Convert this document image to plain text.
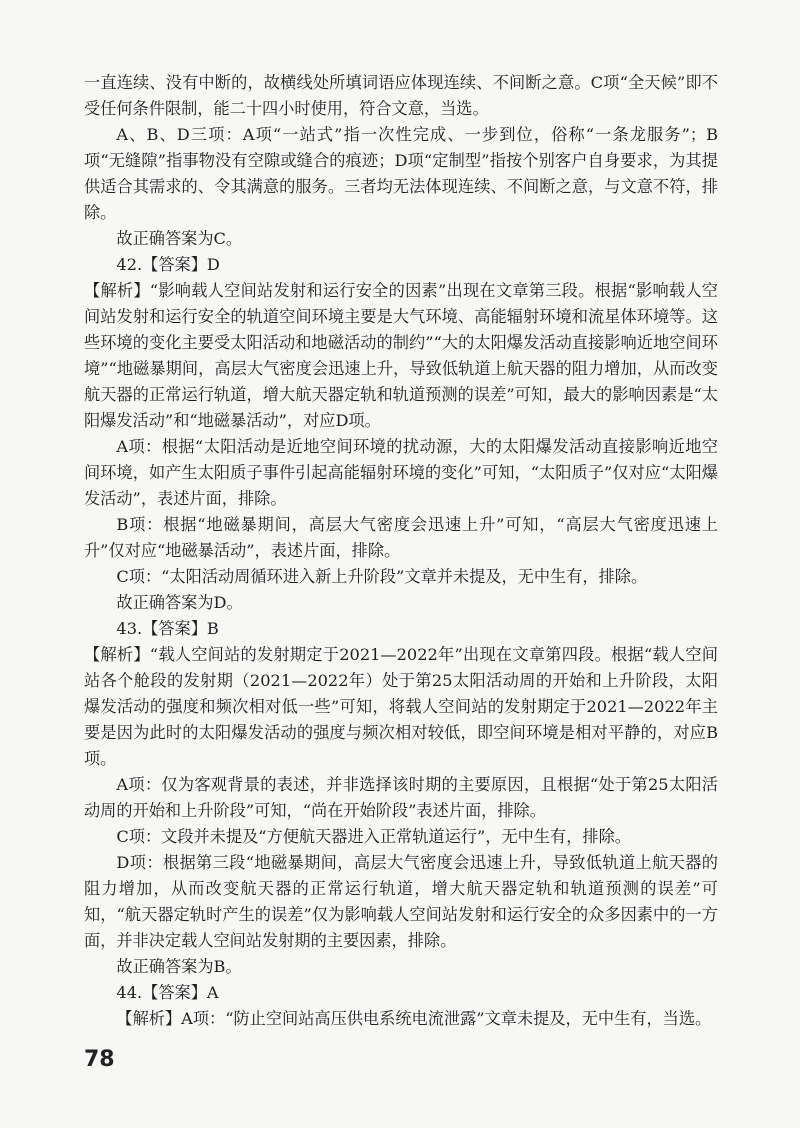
一直连续、没有中断的，故横线处所填词语应体现连续、不间断之意。C项“全天候”即不受任何条件限制，能二十四小时使用，符合文意，当选。

A、B、D三项：A项“一站式”指一次性完成、一步到位，俗称“一条龙服务”；B项“无缝隙”指事物没有空隙或缝合的痕迹；D项“定制型”指按个别客户自身要求，为其提供适合其需求的、令其满意的服务。三者均无法体现连续、不间断之意，与文意不符，排除。

故正确答案为C。

42.【答案】D

【解析】“影响载人空间站发射和运行安全的因素”出现在文章第三段。根据“影响载人空间站发射和运行安全的轨道空间环境主要是大气环境、高能辐射环境和流星体环境等。这些环境的变化主要受太阳活动和地磁活动的制约”“大的太阳爆发活动直接影响近地空间环境”“地磁暴期间，高层大气密度会迅速上升，导致低轨道上航天器的阻力增加，从而改变航天器的正常运行轨道，增大航天器定轨和轨道预测的误差”可知，最大的影响因素是“太阳爆发活动”和“地磁暴活动”，对应D项。

A项：根据“太阳活动是近地空间环境的扰动源，大的太阳爆发活动直接影响近地空间环境，如产生太阳质子事件引起高能辐射环境的变化”可知，“太阳质子”仅对应“太阳爆发活动”，表述片面，排除。

B项：根据“地磁暴期间，高层大气密度会迅速上升”可知，“高层大气密度迅速上升”仅对应“地磁暴活动”，表述片面，排除。

C项：“太阳活动周循环进入新上升阶段”文章并未提及，无中生有，排除。

故正确答案为D。

43.【答案】B

【解析】“载人空间站的发射期定于2021—2022年”出现在文章第四段。根据“载人空间站各个舱段的发射期（2021—2022年）处于第25太阳活动周的开始和上升阶段，太阳爆发活动的强度和频次相对低一些”可知，将载人空间站的发射期定于2021—2022年主要是因为此时的太阳爆发活动的强度与频次相对较低，即空间环境是相对平静的，对应B项。

A项：仅为客观背景的表述，并非选择该时期的主要原因，且根据“处于第25太阳活动周的开始和上升阶段”可知，“尚在开始阶段”表述片面，排除。

C项：文段并未提及“方便航天器进入正常轨道运行”，无中生有，排除。

D项：根据第三段“地磁暴期间，高层大气密度会迅速上升，导致低轨道上航天器的阻力增加，从而改变航天器的正常运行轨道，增大航天器定轨和轨道预测的误差”可知，“航天器定轨时产生的误差”仅为影响载人空间站发射和运行安全的众多因素中的一方面，并非决定载人空间站发射期的主要因素，排除。

故正确答案为B。

44.【答案】A

【解析】A项：“防止空间站高压供电系统电流泄露”文章未提及，无中生有，当选。

78
